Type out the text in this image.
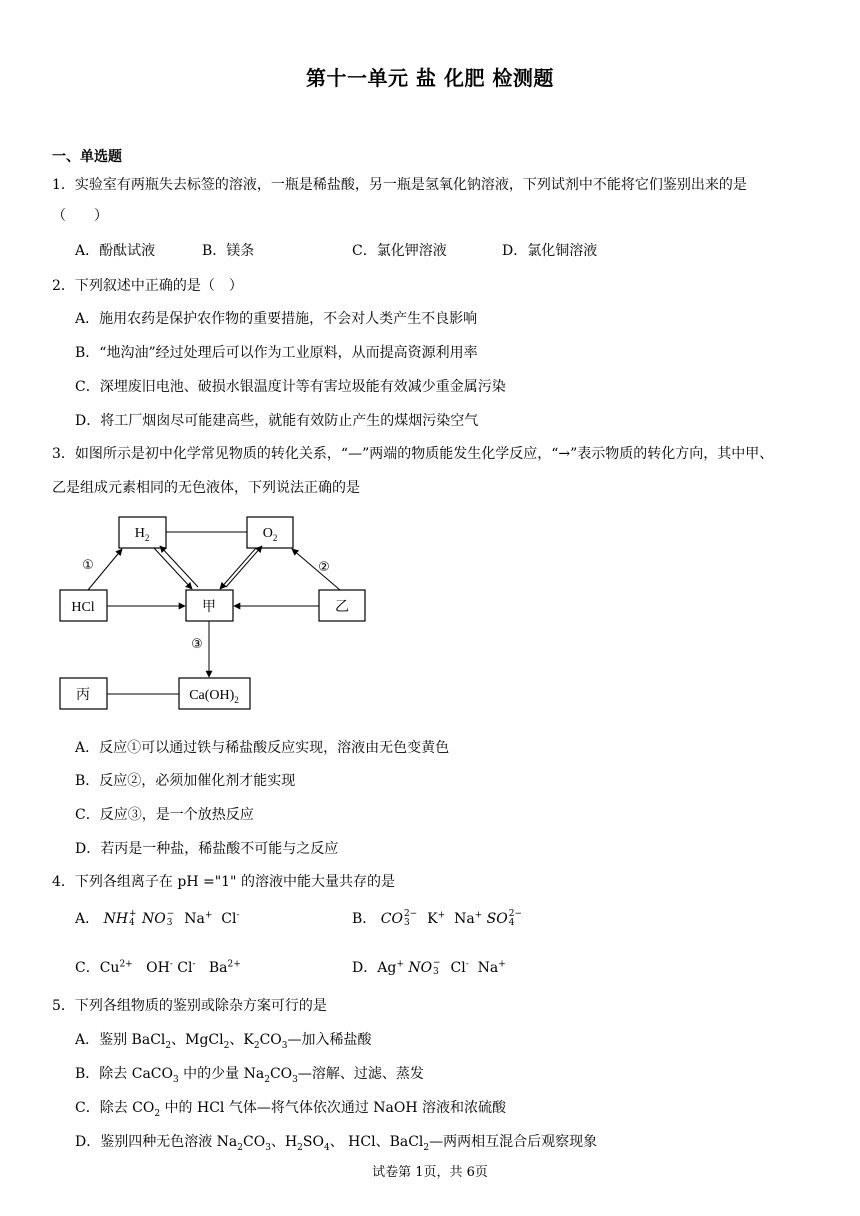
第十一单元 盐 化肥 检测题
一、单选题
1．实验室有两瓶失去标签的溶液，一瓶是稀盐酸，另一瓶是氢氧化钠溶液，下列试剂中不能将它们鉴别出来的是
（　　）
A．酚酞试液	B．镁条	C．氯化钾溶液	D．氯化铜溶液
2．下列叙述中正确的是（　）
A．施用农药是保护农作物的重要措施，不会对人类产生不良影响
B．“地沟油”经过处理后可以作为工业原料，从而提高资源利用率
C．深埋废旧电池、破损水银温度计等有害垃圾能有效减少重金属污染
D．将工厂烟囱尽可能建高些，就能有效防止产生的煤烟污染空气
3．如图所示是初中化学常见物质的转化关系，“—”两端的物质能发生化学反应，“→”表示物质的转化方向，其中甲、
乙是组成元素相同的无色液体，下列说法正确的是
$H_2$	$O_2$
HCl	甲	乙
丙	$Ca(OH)_2$
①	②
③
A．反应①可以通过铁与稀盐酸反应实现，溶液由无色变黄色
B．反应②，必须加催化剂才能实现
C．反应③，是一个放热反应
D．若丙是一种盐，稀盐酸不可能与之反应
4．下列各组离子在 pH ="1" 的溶液中能大量共存的是
A． NH+
4 NO−
3 Na+ Cl-	B． CO2−
3 K+ Na+ SO2−
4
C．$Cu^{2+}$ OH- Cl- $Ba^{2+}$	D．Ag+ NO−
3 Cl- Na+
5．下列各组物质的鉴别或除杂方案可行的是
A．鉴别 BaCl$_2$、MgCl$_2$、$K_2CO_3—$加入稀盐酸
B．除去 CaCO$_3$ 中的少量 $Na_2CO_3—$溶解、过滤、蒸发
C．除去 $CO_2$ 中的 HCl 气体—将气体依次通过 NaOH 溶液和浓硫酸
D．鉴别四种无色溶液 $Na_2CO_3$、$H_2SO_4$、 HCl、BaCl$_2$—两两相互混合后观察现象
试卷第 1页，共 6页
